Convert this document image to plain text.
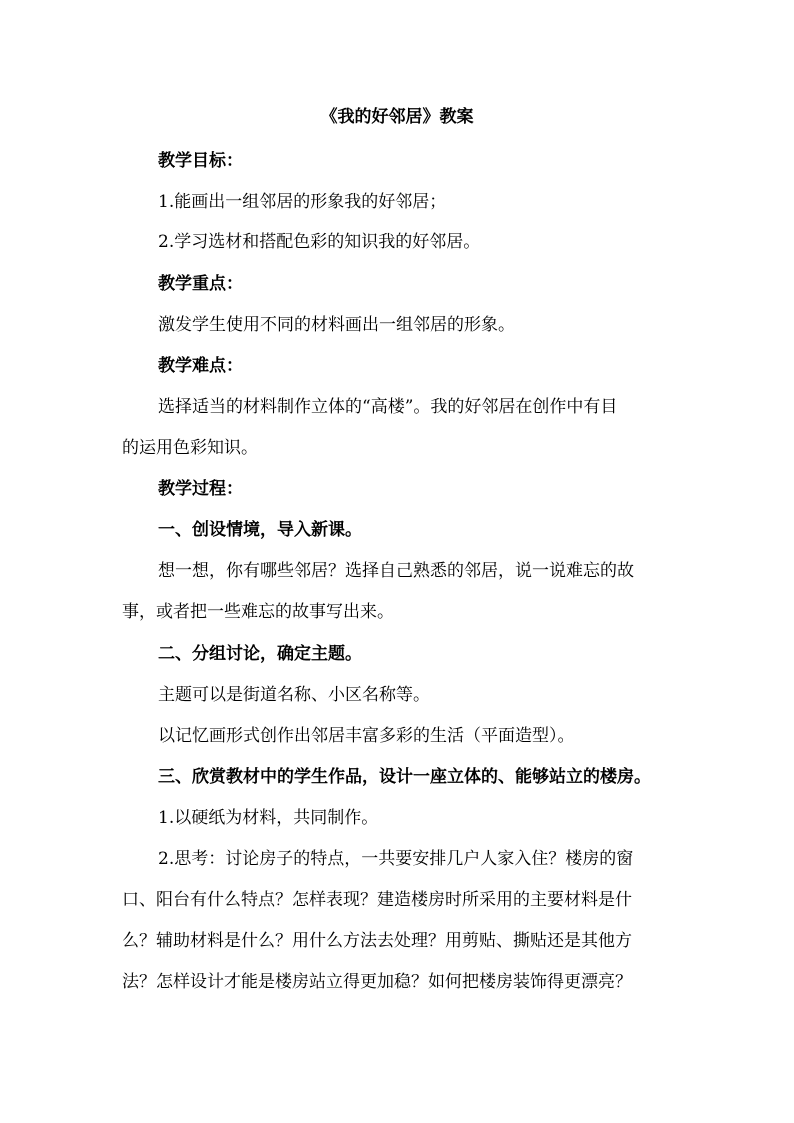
《我的好邻居》教案
教学目标：
1.能画出一组邻居的形象我的好邻居；
2.学习选材和搭配色彩的知识我的好邻居。
教学重点：
激发学生使用不同的材料画出一组邻居的形象。
教学难点：
选择适当的材料制作立体的“高楼”。我的好邻居在创作中有目
的运用色彩知识。
教学过程：
一、创设情境，导入新课。
想一想，你有哪些邻居？选择自己熟悉的邻居，说一说难忘的故
事，或者把一些难忘的故事写出来。
二、分组讨论，确定主题。
主题可以是街道名称、小区名称等。
以记忆画形式创作出邻居丰富多彩的生活（平面造型）。
三、欣赏教材中的学生作品，设计一座立体的、能够站立的楼房。
1.以硬纸为材料，共同制作。
2.思考：讨论房子的特点，一共要安排几户人家入住？楼房的窗
口、阳台有什么特点？怎样表现？建造楼房时所采用的主要材料是什
么？辅助材料是什么？用什么方法去处理？用剪贴、撕贴还是其他方
法？怎样设计才能是楼房站立得更加稳？如何把楼房装饰得更漂亮？
